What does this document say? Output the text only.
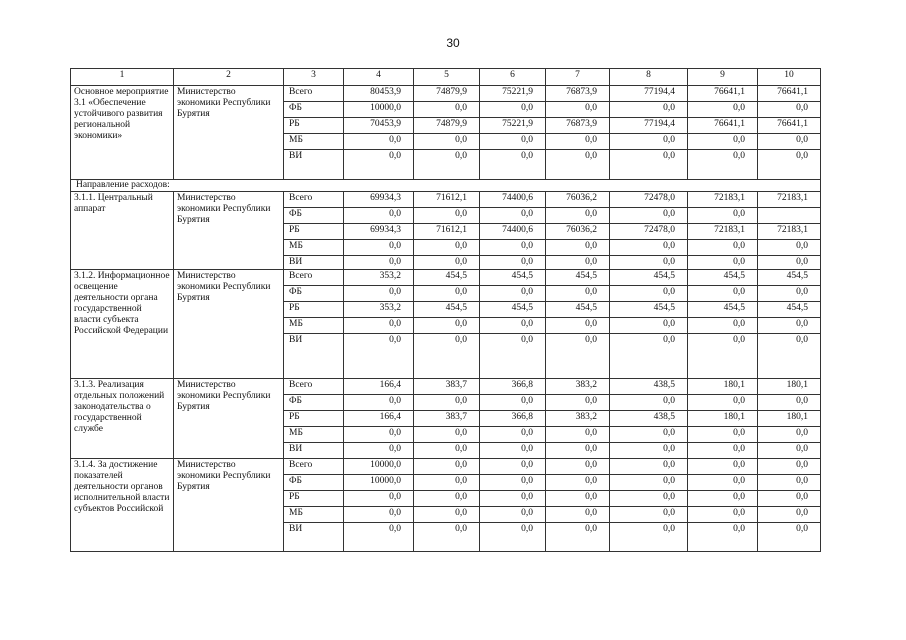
30
1	2	3	4	5	6	7	8	9	10
Основное мероприятие 3.1 «Обеспечение устойчивого развития региональной экономики»	Министерство экономики Республики Бурятия	Всего	80453,9	74879,9	75221,9	76873,9	77194,4	76641,1	76641,1
		ФБ	10000,0	0,0	0,0	0,0	0,0	0,0	0,0
		РБ	70453,9	74879,9	75221,9	76873,9	77194,4	76641,1	76641,1
		МБ	0,0	0,0	0,0	0,0	0,0	0,0	0,0
		ВИ	0,0	0,0	0,0	0,0	0,0	0,0	0,0
Направление расходов:									
3.1.1. Центральный аппарат	Министерство экономики Республики Бурятия	Всего	69934,3	71612,1	74400,6	76036,2	72478,0	72183,1	72183,1
		ФБ	0,0	0,0	0,0	0,0	0,0	0,0	
		РБ	69934,3	71612,1	74400,6	76036,2	72478,0	72183,1	72183,1
		МБ	0,0	0,0	0,0	0,0	0,0	0,0	0,0
		ВИ	0,0	0,0	0,0	0,0	0,0	0,0	0,0
3.1.2. Информационное освещение деятельности органа государственной власти субъекта Российской Федерации	Министерство экономики Республики Бурятия	Всего	353,2	454,5	454,5	454,5	454,5	454,5	454,5
		ФБ	0,0	0,0	0,0	0,0	0,0	0,0	0,0
		РБ	353,2	454,5	454,5	454,5	454,5	454,5	454,5
		МБ	0,0	0,0	0,0	0,0	0,0	0,0	0,0
		ВИ	0,0	0,0	0,0	0,0	0,0	0,0	0,0
3.1.3. Реализация отдельных положений законодательства о государственной службе	Министерство экономики Республики Бурятия	Всего	166,4	383,7	366,8	383,2	438,5	180,1	180,1
		ФБ	0,0	0,0	0,0	0,0	0,0	0,0	0,0
		РБ	166,4	383,7	366,8	383,2	438,5	180,1	180,1
		МБ	0,0	0,0	0,0	0,0	0,0	0,0	0,0
		ВИ	0,0	0,0	0,0	0,0	0,0	0,0	0,0
3.1.4. За достижение показателей деятельности органов исполнительной власти субъектов Российской	Министерство экономики Республики Бурятия	Всего	10000,0	0,0	0,0	0,0	0,0	0,0	0,0
		ФБ	10000,0	0,0	0,0	0,0	0,0	0,0	0,0
		РБ	0,0	0,0	0,0	0,0	0,0	0,0	0,0
		МБ	0,0	0,0	0,0	0,0	0,0	0,0	0,0
		ВИ	0,0	0,0	0,0	0,0	0,0	0,0	0,0
